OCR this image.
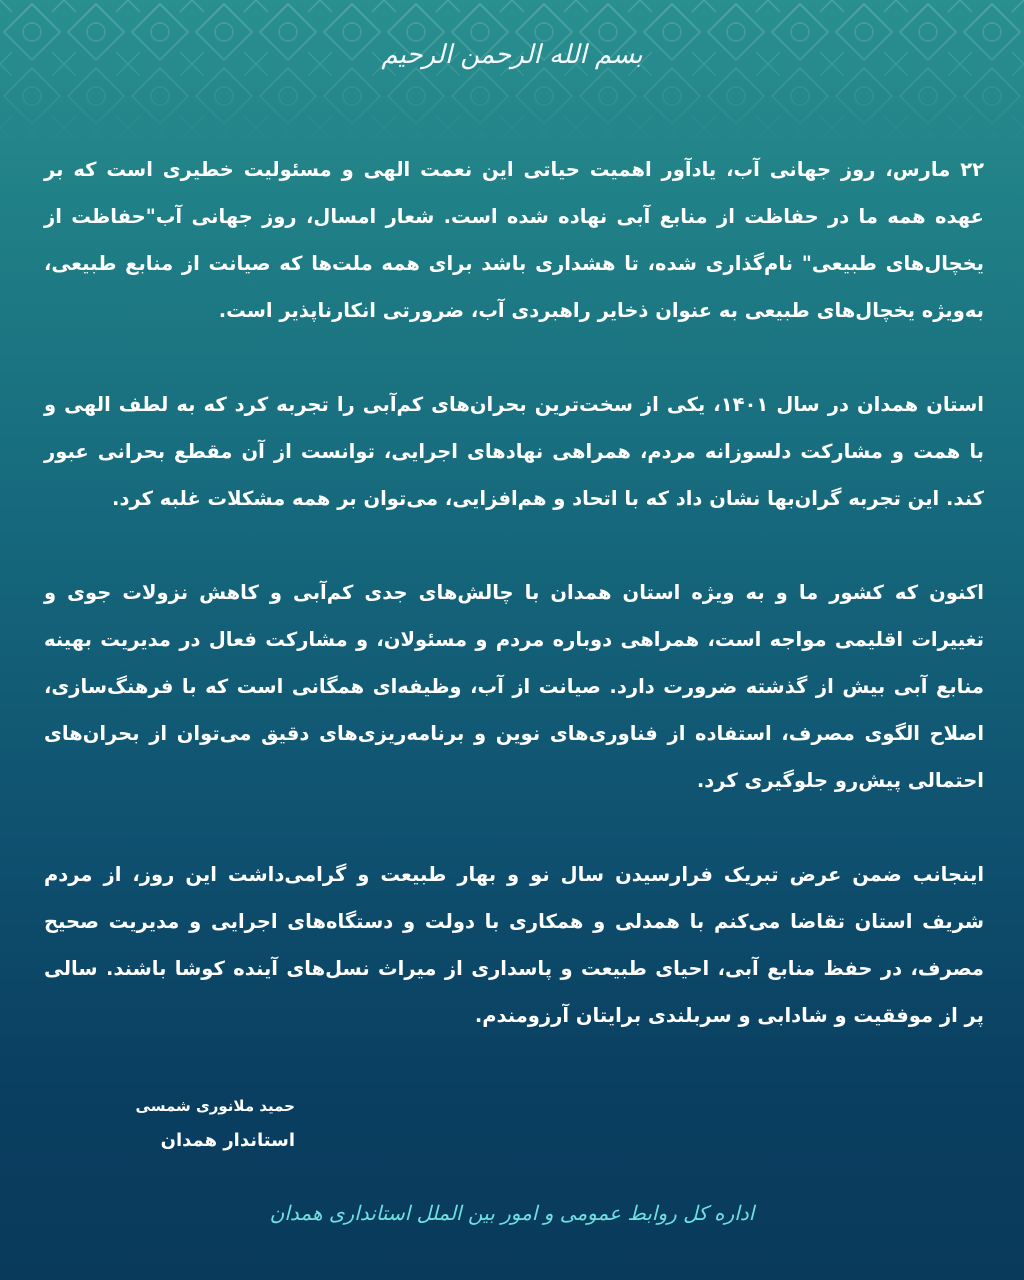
بسم الله الرحمن الرحیم

۲۲ مارس، روز جهانی آب، یادآور اهمیت حیاتی این نعمت الهی و مسئولیت خطیری است که بر عهده همه ما در حفاظت از منابع آبی نهاده شده است. شعار امسال، روز جهانی آب"حفاظت از یخچال‌های طبیعی" نام‌گذاری شده، تا هشداری باشد برای همه ملت‌ها که صیانت از منابع طبیعی، به‌ویژه یخچال‌های طبیعی به عنوان ذخایر راهبردی آب، ضرورتی انکارناپذیر است.

استان همدان در سال ۱۴۰۱، یکی از سخت‌ترین بحران‌های کم‌آبی را تجربه کرد که به لطف الهی و با همت و مشارکت دلسوزانه مردم، همراهی نهادهای اجرایی، توانست از آن مقطع بحرانی عبور کند. این تجربه گران‌بها نشان داد که با اتحاد و هم‌افزایی، می‌توان بر همه مشکلات غلبه کرد.

اکنون که کشور ما و به ویژه استان همدان با چالش‌های جدی کم‌آبی و کاهش نزولات جوی و تغییرات اقلیمی مواجه است، همراهی دوباره مردم و مسئولان، و مشارکت فعال در مدیریت بهینه منابع آبی بیش از گذشته ضرورت دارد. صیانت از آب، وظیفه‌ای همگانی است که با فرهنگ‌سازی، اصلاح الگوی مصرف، استفاده از فناوری‌های نوین و برنامه‌ریزی‌های دقیق می‌توان از بحران‌های احتمالی پیش‌رو جلوگیری کرد.

اینجانب ضمن عرض تبریک فرارسیدن سال نو و بهار طبیعت و گرامی‌داشت این روز، از مردم شریف استان تقاضا می‌کنم با همدلی و همکاری با دولت و دستگاه‌های اجرایی و مدیریت صحیح مصرف، در حفظ منابع آبی، احیای طبیعت و پاسداری از میراث نسل‌های آینده کوشا باشند. سالی پر از موفقیت و شادابی و سربلندی برایتان آرزومندم.

حمید ملانوری شمسی
استاندار همدان
اداره کل روابط عمومی و امور بین الملل استانداری همدان
